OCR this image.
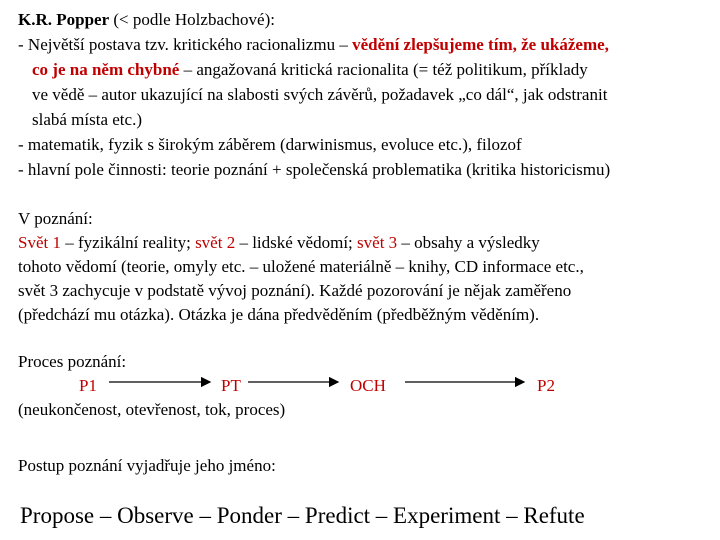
K.R. Popper (< podle Holzbachové):
- Největší postava tzv. kritického racionalizmu – vědění zlepšujeme tím, že ukážeme,
co je na něm chybné – angažovaná kritická racionalita (= též politikum, příklady
ve vědě – autor ukazující na slabosti svých závěrů, požadavek „co dál“, jak odstranit
slabá místa etc.)
- matematik, fyzik s širokým záběrem (darwinismus, evoluce etc.), filozof
- hlavní pole činnosti: teorie poznání + společenská problematika (kritika historicismu)
V poznání:
Svět 1 – fyzikální reality; svět 2 – lidské vědomí; svět 3 – obsahy a výsledky
tohoto vědomí (teorie, omyly etc. – uložené materiálně – knihy, CD informace etc.,
svět 3 zachycuje v podstatě vývoj poznání). Každé pozorování je nějak zaměřeno
(předchází mu otázka). Otázka je dána předvěděním (předběžným věděním).
Proces poznání:
P1	PT	OCH	P2
(neukončenost, otevřenost, tok, proces)
Postup poznání vyjadřuje jeho jméno:
Propose – Observe – Ponder – Predict – Experiment – Refute
